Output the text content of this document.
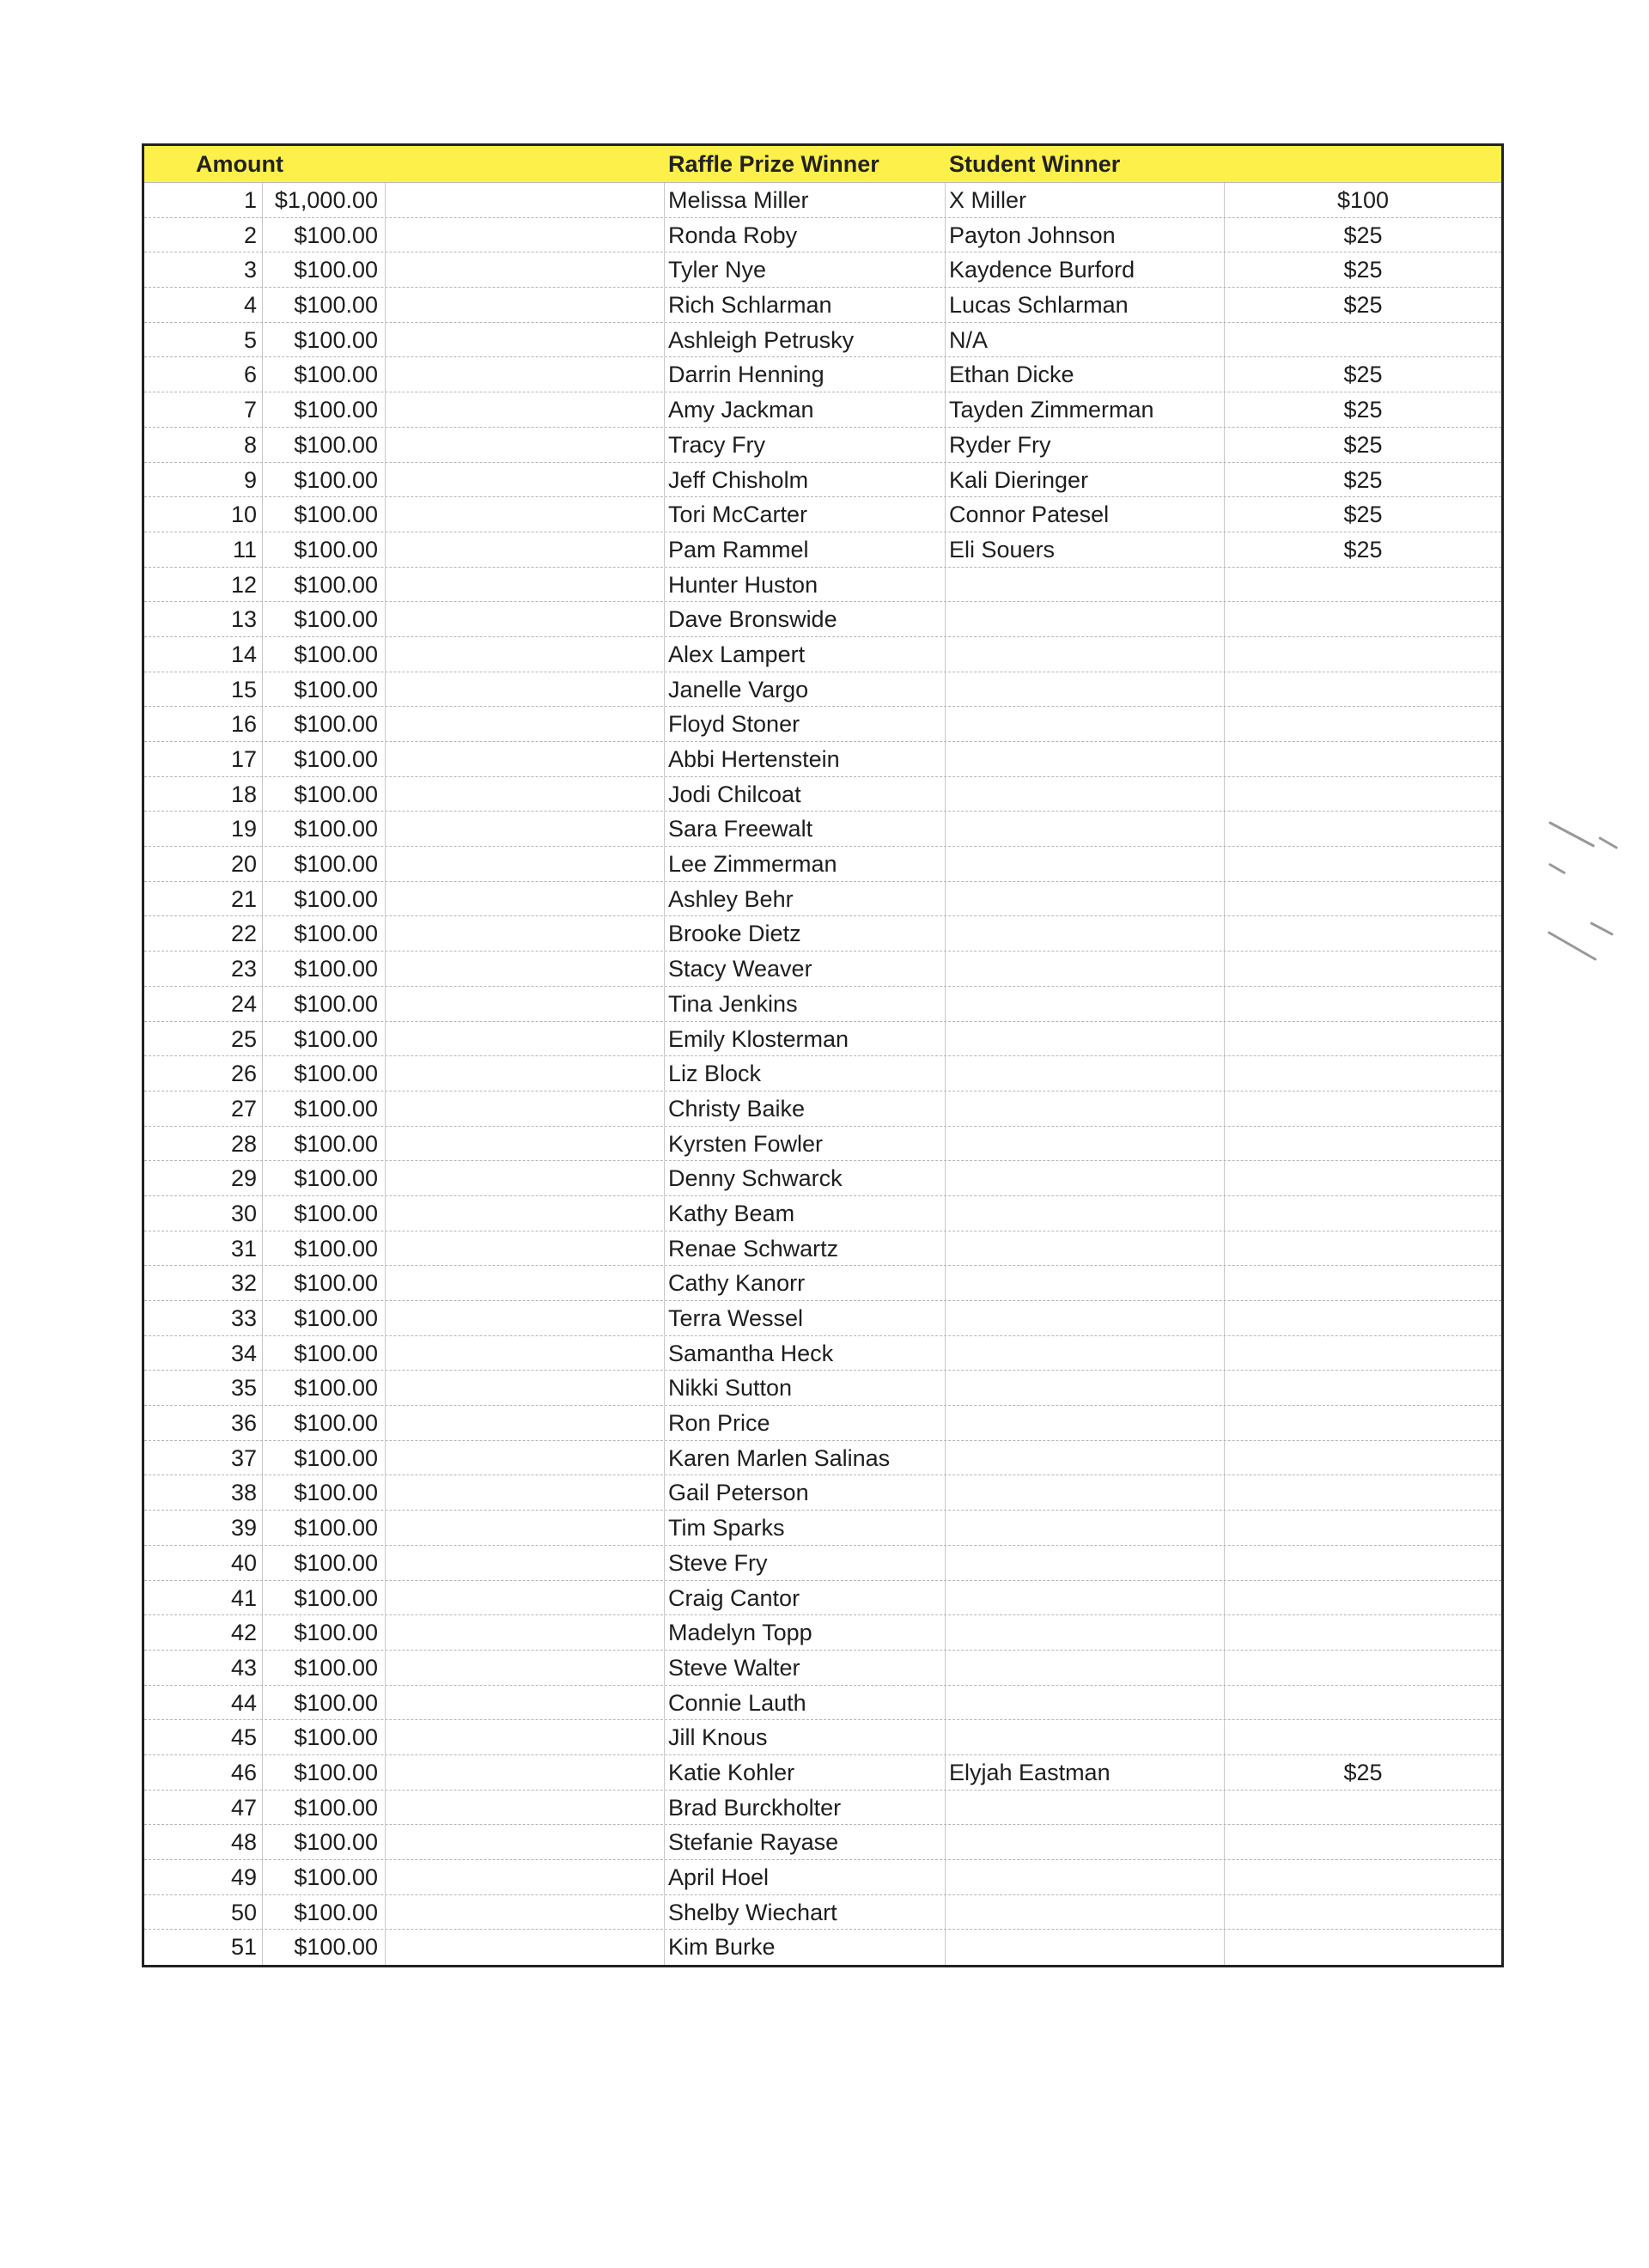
Amount	Raffle Prize Winner	Student Winner
1 $1,000.00	Melissa Miller	X Miller	$100
2	$100.00	Ronda Roby	Payton Johnson	$25
3	$100.00	Tyler Nye	Kaydence Burford	$25
4	$100.00	Rich Schlarman	Lucas Schlarman	$25
5	$100.00	Ashleigh Petrusky	N/A
6	$100.00	Darrin Henning	Ethan Dicke	$25
7	$100.00	Amy Jackman	Tayden Zimmerman	$25
8	$100.00	Tracy Fry	Ryder Fry	$25
9	$100.00	Jeff Chisholm	Kali Dieringer	$25
10	$100.00	Tori McCarter	Connor Patesel	$25
11	$100.00	Pam Rammel	Eli Souers	$25
12	$100.00	Hunter Huston
13	$100.00	Dave Bronswide
14	$100.00	Alex Lampert
15	$100.00	Janelle Vargo
16	$100.00	Floyd Stoner
17	$100.00	Abbi Hertenstein
18	$100.00	Jodi Chilcoat
19	$100.00	Sara Freewalt
20	$100.00	Lee Zimmerman
21	$100.00	Ashley Behr
22	$100.00	Brooke Dietz
23	$100.00	Stacy Weaver
24	$100.00	Tina Jenkins
25	$100.00	Emily Klosterman
26	$100.00	Liz Block
27	$100.00	Christy Baike
28	$100.00	Kyrsten Fowler
29	$100.00	Denny Schwarck
30	$100.00	Kathy Beam
31	$100.00	Renae Schwartz
32	$100.00	Cathy Kanorr
33	$100.00	Terra Wessel
34	$100.00	Samantha Heck
35	$100.00	Nikki Sutton
36	$100.00	Ron Price
37	$100.00	Karen Marlen Salinas
38	$100.00	Gail Peterson
39	$100.00	Tim Sparks
40	$100.00	Steve Fry
41	$100.00	Craig Cantor
42	$100.00	Madelyn Topp
43	$100.00	Steve Walter
44	$100.00	Connie Lauth
45	$100.00	Jill Knous
46	$100.00	Katie Kohler	Elyjah Eastman	$25
47	$100.00	Brad Burckholter
48	$100.00	Stefanie Rayase
49	$100.00	April Hoel
50	$100.00	Shelby Wiechart
51	$100.00	Kim Burke
